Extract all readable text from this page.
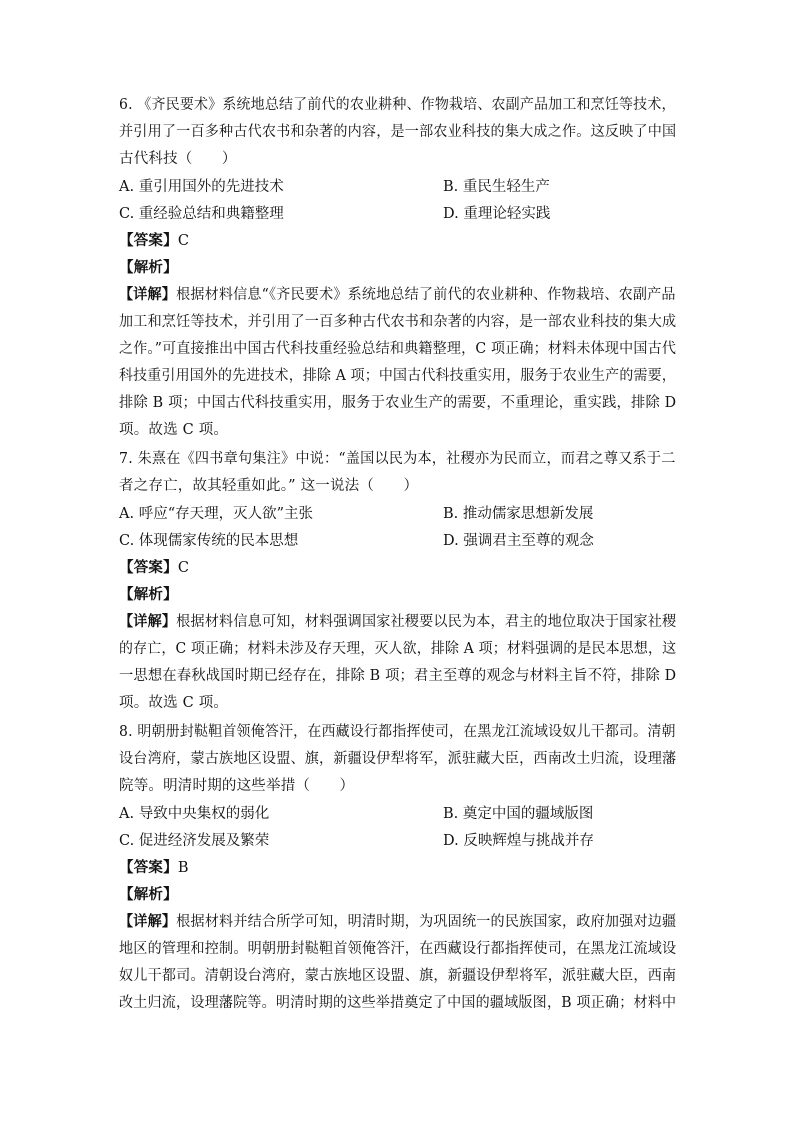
6. 《齐民要术》系统地总结了前代的农业耕种、作物栽培、农副产品加工和烹饪等技术，
并引用了一百多种古代农书和杂著的内容，是一部农业科技的集大成之作。这反映了中国
古代科技（　　）
A. 重引用国外的先进技术	B. 重民生轻生产
C. 重经验总结和典籍整理	D. 重理论轻实践
【答案】C
【解析】
【详解】根据材料信息“《齐民要术》系统地总结了前代的农业耕种、作物栽培、农副产品
加工和烹饪等技术，并引用了一百多种古代农书和杂著的内容，是一部农业科技的集大成
之作。”可直接推出中国古代科技重经验总结和典籍整理，C 项正确；材料未体现中国古代
科技重引用国外的先进技术，排除 A 项；中国古代科技重实用，服务于农业生产的需要，
排除 B 项；中国古代科技重实用，服务于农业生产的需要，不重理论，重实践，排除 D
项。故选 C 项。
7. 朱熹在《四书章句集注》中说：“盖国以民为本，社稷亦为民而立，而君之尊又系于二
者之存亡，故其轻重如此。” 这一说法（　　）
A. 呼应“存天理，灭人欲”主张	B. 推动儒家思想新发展
C. 体现儒家传统的民本思想	D. 强调君主至尊的观念
【答案】C
【解析】
【详解】根据材料信息可知，材料强调国家社稷要以民为本，君主的地位取决于国家社稷
的存亡，C 项正确；材料未涉及存天理，灭人欲，排除 A 项；材料强调的是民本思想，这
一思想在春秋战国时期已经存在，排除 B 项；君主至尊的观念与材料主旨不符，排除 D
项。故选 C 项。
8. 明朝册封鞑靼首领俺答汗，在西藏设行都指挥使司，在黑龙江流域设奴儿干都司。清朝
设台湾府，蒙古族地区设盟、旗，新疆设伊犁将军，派驻藏大臣，西南改土归流，设理藩
院等。明清时期的这些举措（　　）
A. 导致中央集权的弱化	B. 奠定中国的疆域版图
C. 促进经济发展及繁荣	D. 反映辉煌与挑战并存
【答案】B
【解析】
【详解】根据材料并结合所学可知，明清时期，为巩固统一的民族国家，政府加强对边疆
地区的管理和控制。明朝册封鞑靼首领俺答汗，在西藏设行都指挥使司，在黑龙江流域设
奴儿干都司。清朝设台湾府，蒙古族地区设盟、旗，新疆设伊犁将军，派驻藏大臣，西南
改土归流，设理藩院等。明清时期的这些举措奠定了中国的疆域版图，B 项正确；材料中
